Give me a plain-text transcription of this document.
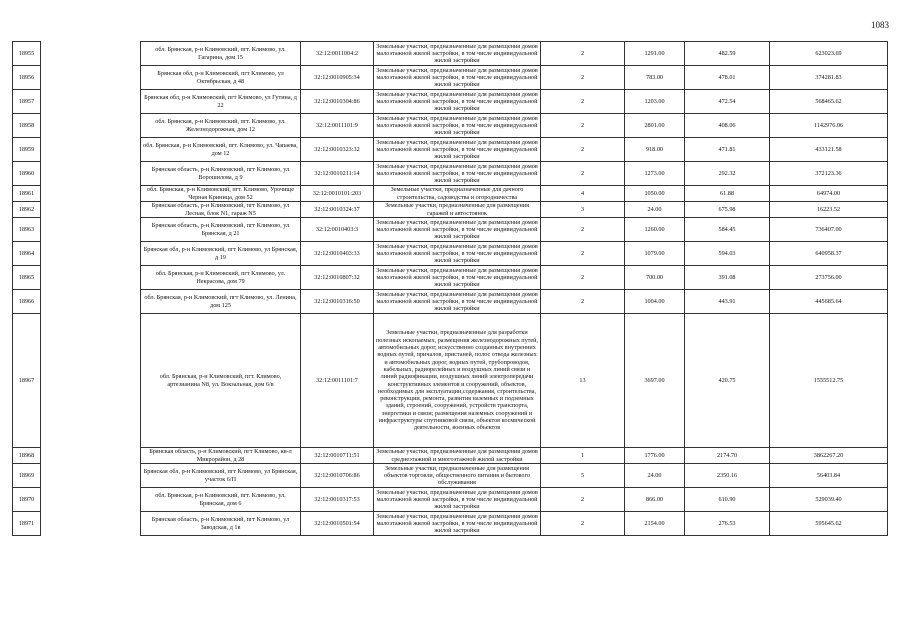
1083
18955		обл. Брянская, р-н Климовский, пгт. Климово, ул. Гагарина, дом 15	32:12:0011004:2	Земельные участки, предназначенные для размещения домов малоэтажной жилой застройки, в том числе индивидуальной жилой застройки	2	1291.00	482.59	623023.69
18956		Брянская обл, р-н Климовский, пгт Климово, ул Октябрьская, д 48	32:12:0010905:34	Земельные участки, предназначенные для размещения домов малоэтажной жилой застройки, в том числе индивидуальной жилой застройки	2	783.00	478.01	374281.83
18957		Брянская обл, р-н Климовский, пгт Климово, ул Гутина, д 22	32:12:0010304:86	Земельные участки, предназначенные для размещения домов малоэтажной жилой застройки, в том числе индивидуальной жилой застройки	2	1203.00	472.54	568465.62
18958		обл. Брянская, р-н Климовский, пгт. Климово, ул. Железнодорожная, дом 12	32:12:0011101:9	Земельные участки, предназначенные для размещения домов малоэтажной жилой застройки, в том числе индивидуальной жилой застройки	2	2801.00	408.06	1142976.06
18959		обл. Брянская, р-н Климовский, пгт. Климово, ул. Чапаева, дом 12	32:12:0010323:32	Земельные участки, предназначенные для размещения домов малоэтажной жилой застройки, в том числе индивидуальной жилой застройки	2	918.00	471.81	433121.58
18960		Брянская область, р-н Климовский, пгт Климово, ул Ворошилова, д 9	32:12:0010211:14	Земельные участки, предназначенные для размещения домов малоэтажной жилой застройки, в том числе индивидуальной жилой застройки	2	1273.00	292.32	372123.36
18961		обл. Брянская, р-н Климовский, пгт. Климово, Урочище Черная Криница, дом 52	32:12:0010101:203	Земельные участки, предназначенные для дачного строительства, садоводства и огородничества	4	1050.00	61.88	64974.00
18962		Брянская область, р-н Климовский, пгт Климово, ул Лесная, блок N1, гараж N5	32:12:0010324:37	Земельные участки, предназначенные для размещения гаражей и автостоянок	3	24.00	675.98	16223.52
18963		Брянская область, р-н Климовский, пгт Климово, ул Брянская, д 21	32:12:0010403:3	Земельные участки, предназначенные для размещения домов малоэтажной жилой застройки, в том числе индивидуальной жилой застройки	2	1260.00	584.45	736407.00
18964		Брянская обл, р-н Климовский, пгт Климово, ул Брянская, д 19	32:12:0010403:33	Земельные участки, предназначенные для размещения домов малоэтажной жилой застройки, в том числе индивидуальной жилой застройки	2	1079.00	594.03	640958.37
18965		обл. Брянская, р-н Климовский, пгт Климово, ул. Некрасова, дом 79	32:12:0010807:32	Земельные участки, предназначенные для размещения домов малоэтажной жилой застройки, в том числе индивидуальной жилой застройки	2	700.00	391.08	273756.00
18966		обл. Брянская, р-н Климовский, пгт Климово, ул. Ленина, дом 125	32:12:0010316:50	Земельные участки, предназначенные для размещения домов малоэтажной жилой застройки, в том числе индивидуальной жилой застройки	2	1004.00	443.91	445685.64
18967		обл. Брянская, р-н Климовский, пгт. Климово, артезианина N8, ул. Вокзальная, дом 6/в	32:12:0011101:7	Земельные участки, предназначенные для разработки полезных ископаемых, размещения железнодорожных путей, автомобильных дорог, искусственно созданных внутренних водных путей, причалов, пристаней, полос отвода железных и автомобильных дорог, водных путей, трубопроводов, кабельных, радиорелейных и воздушных линий связи и линий радиофикации, воздушных линий электропередачи конструктивных элементов и сооружений, объектов, необходимых для эксплуатации,содержания, строительства, реконструкции, ремонта, развития наземных и подземных зданий, строений, сооружений, устройств транспорта, энергетики и связи; размещения наземных сооружений и инфраструктуры спутниковой связи, объектов космической деятельности, военных объектов	13	3697.00	420.75	1555512.75
18968		Брянская область, р-н Климовский, пгт Климово, кв-л Микрорайон, д 28	32:12:0010711:51	Земельные участки, предназначенные для размещения домов среднеэтажной и многоэтажной жилой застройки	1	1776.00	2174.70	3862267.20
18969		Брянская обл, р-н Климовский, пгт Климово, ул Брянская, участок 6/П	32:12:0010706:86	Земельные участки, предназначенные для размещения объектов торговли, общественного питания и бытового обслуживания	5	24.00	2350.16	56403.84
18970		обл. Брянская, р-н Климовский, пгт. Климово, ул. Брянская, дом 6	32:12:0010317:53	Земельные участки, предназначенные для размещения домов малоэтажной жилой застройки, в том числе индивидуальной жилой застройки	2	866.00	610.90	529039.40
18971		Брянская область, р-н Климовский, пгт Климово, ул Заводская, д 1в	32:12:0010501:54	Земельные участки, предназначенные для размещения домов малоэтажной жилой застройки, в том числе индивидуальной жилой застройки	2	2154.00	276.53	595645.62
